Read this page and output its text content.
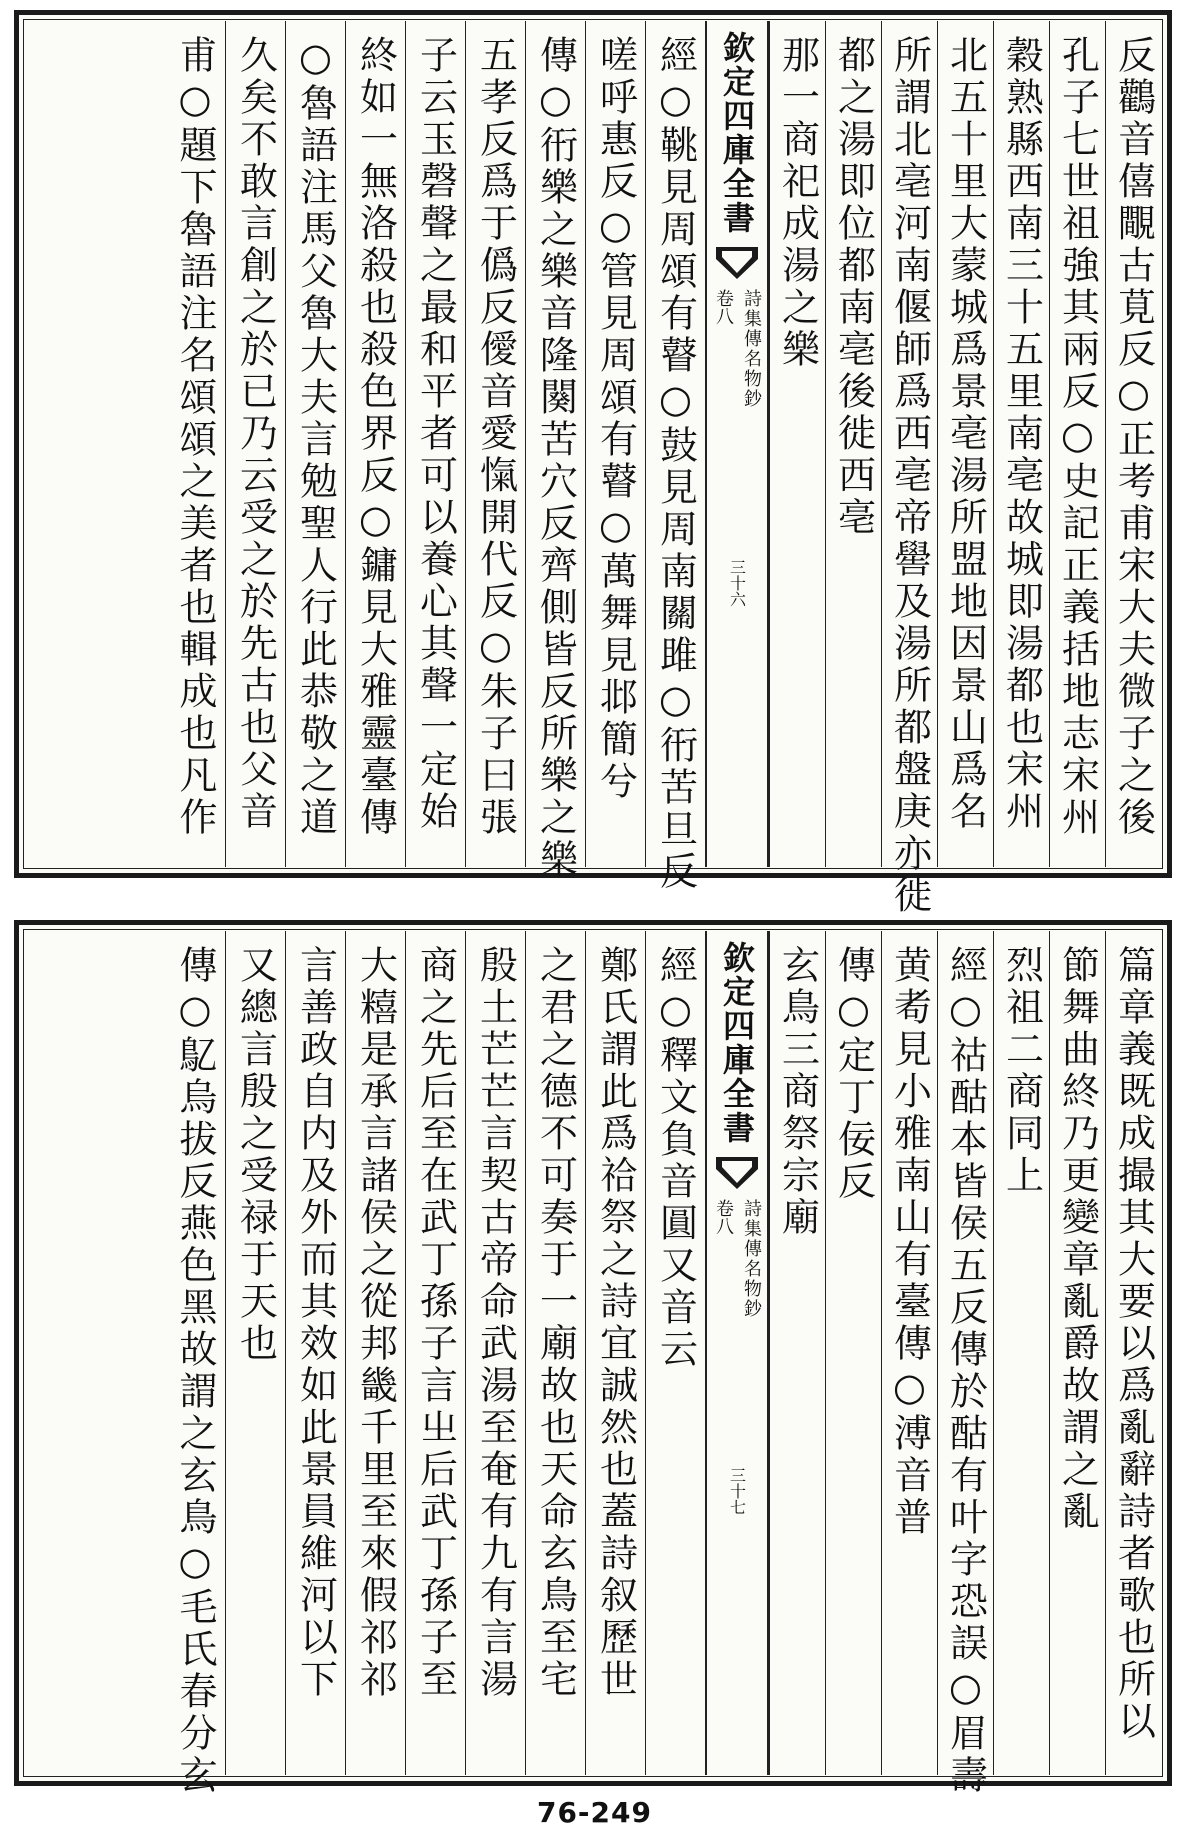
反鸛音僖覸古莧反○正考甫宋大夫微子之後
孔子七世祖強其兩反○史記正義括地志宋州
穀熟縣西南三十五里南亳故城即湯都也宋州
北五十里大蒙城爲景亳湯所盟地因景山爲名
所謂北亳河南偃師爲西亳帝嚳及湯所都盤庚亦徙
都之湯即位都南亳後徙西亳
那一商祀成湯之樂
欽定四庫全書
詩集傳名物鈔
卷八
三十六
經○鞉見周頌有瞽○鼓見周南關雎○衎苦旦反
嗟呼惠反○管見周頌有瞽○萬舞見邶簡兮
傳○衎樂之樂音隆闋苦穴反齊側皆反所樂之樂
五孝反爲于僞反僾音愛愾開代反○朱子曰張
子云玉磬聲之最和平者可以養心其聲一定始
終如一無洛殺也殺色界反○鏞見大雅靈臺傳
○魯語注馬父魯大夫言勉聖人行此恭敬之道
久矣不敢言創之於已乃云受之於先古也父音
甫○題下魯語注名頌頌之美者也輯成也凡作
篇章義既成撮其大要以爲亂辭詩者歌也所以
節舞曲終乃更變章亂爵故謂之亂
烈祖二商同上
經○祜酤本皆侯五反傳於酤有叶字恐誤○眉壽
黄耇見小雅南山有臺傳○溥音普
傳○定丁佞反
玄鳥三商祭宗廟
欽定四庫全書
詩集傳名物鈔
卷八
三十七
經○釋文負音圓又音云
鄭氏謂此爲祫祭之詩宜誠然也蓋詩叙歷世
之君之德不可奏于一廟故也天命玄鳥至宅
殷土芒芒言契古帝命武湯至奄有九有言湯
商之先后至在武丁孫子言㞢后武丁孫子至
大糦是承言諸侯之從邦畿千里至來假祁祁
言善政自内及外而其效如此景員維河以下
又總言殷之受禄于天也
傳○鳦烏拔反燕色黑故謂之玄鳥○毛氏春分玄
76-249
